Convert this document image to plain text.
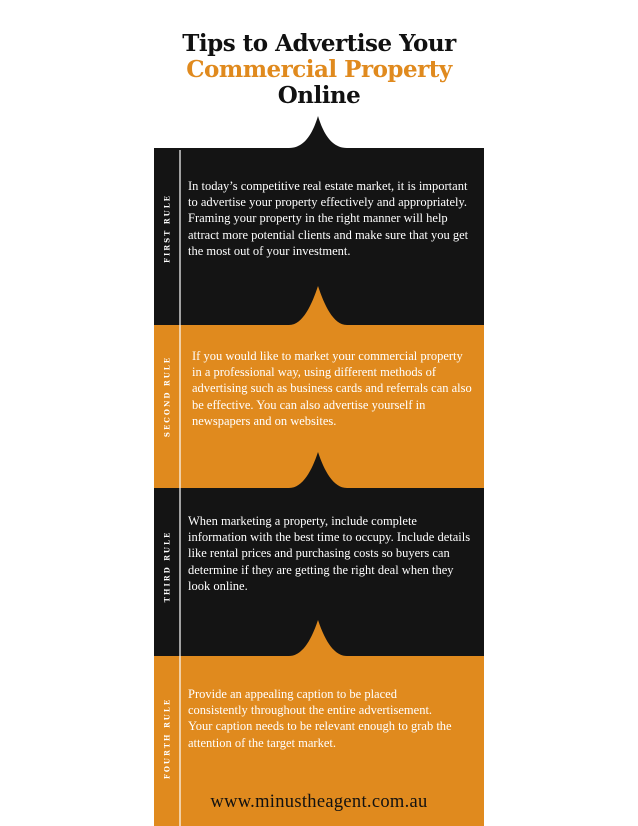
Tips to Advertise Your
Commercial Property
Online
FIRST RULE
SECOND RULE
THIRD RULE
FOURTH RULE
In today’s competitive real estate market, it is important to advertise your property effectively and appropriately. Framing your property in the right manner will help attract more potential clients and make sure that you get the most out of your investment.
If you would like to market your commercial property in a professional way, using different methods of advertising such as business cards and referrals can also be effective. You can also advertise yourself in newspapers and on websites.
When marketing a property, include complete information with the best time to occupy. Include details like rental prices and purchasing costs so buyers can determine if they are getting the right deal when they look online.
Provide an appealing caption to be placed consistently throughout the entire advertisement. Your caption needs to be relevant enough to grab the attention of the target market.
www.minustheagent.com.au
